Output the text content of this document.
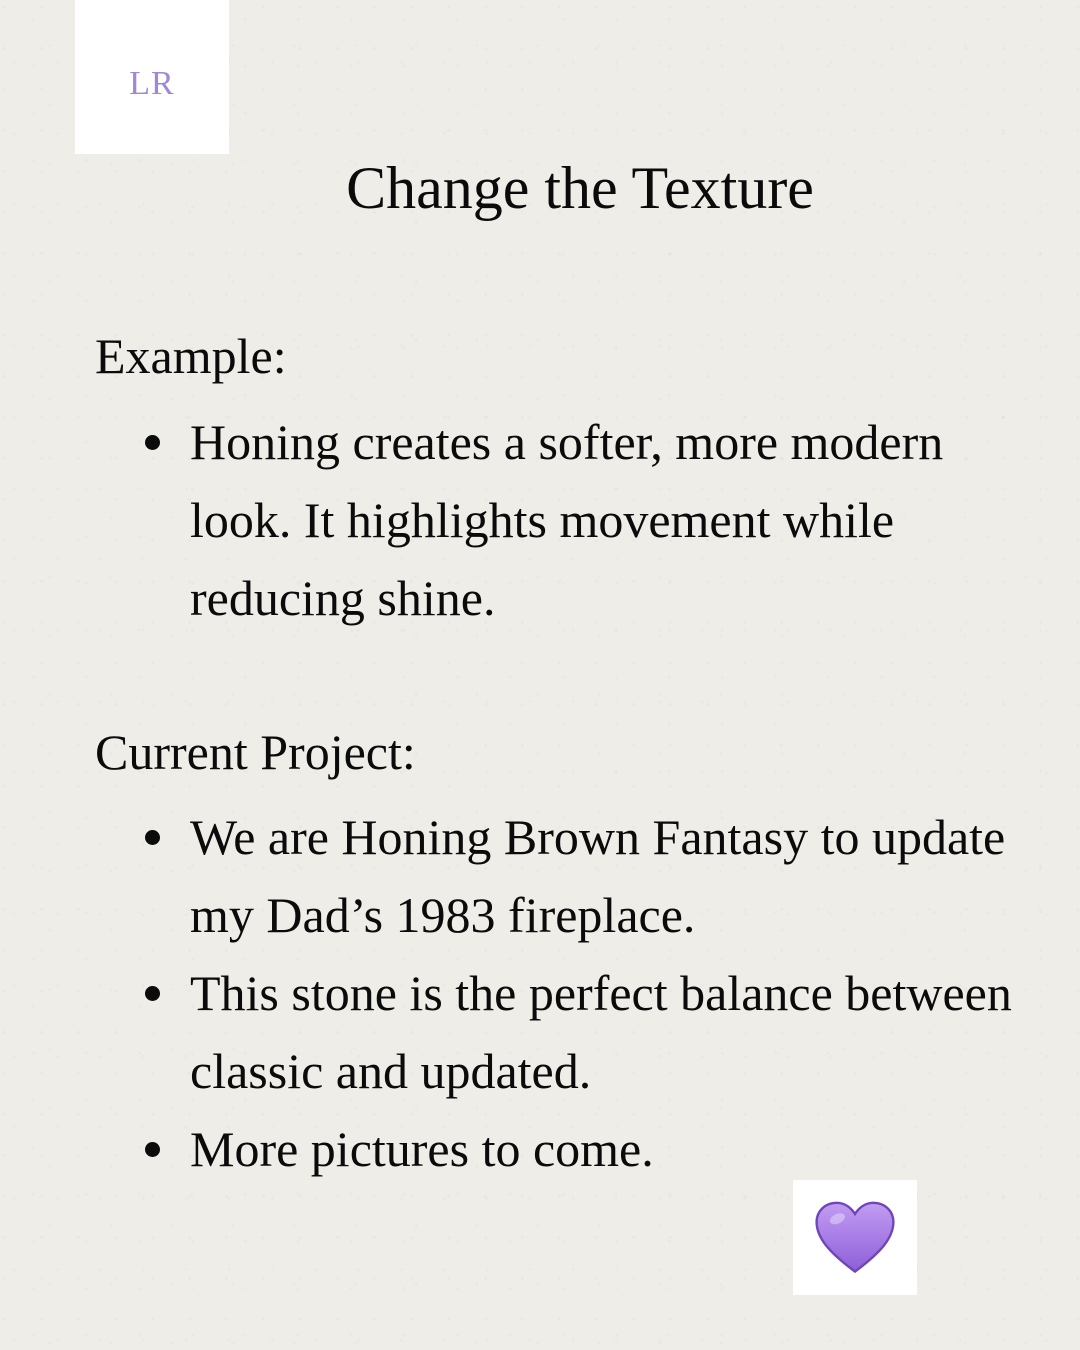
LR
Change the Texture
Example:
Honing creates a softer, more modern look. It highlights movement while reducing shine.
Current Project:
We are Honing Brown Fantasy to update my Dad’s 1983 fireplace.
This stone is the perfect balance between classic and updated.
More pictures to come.
